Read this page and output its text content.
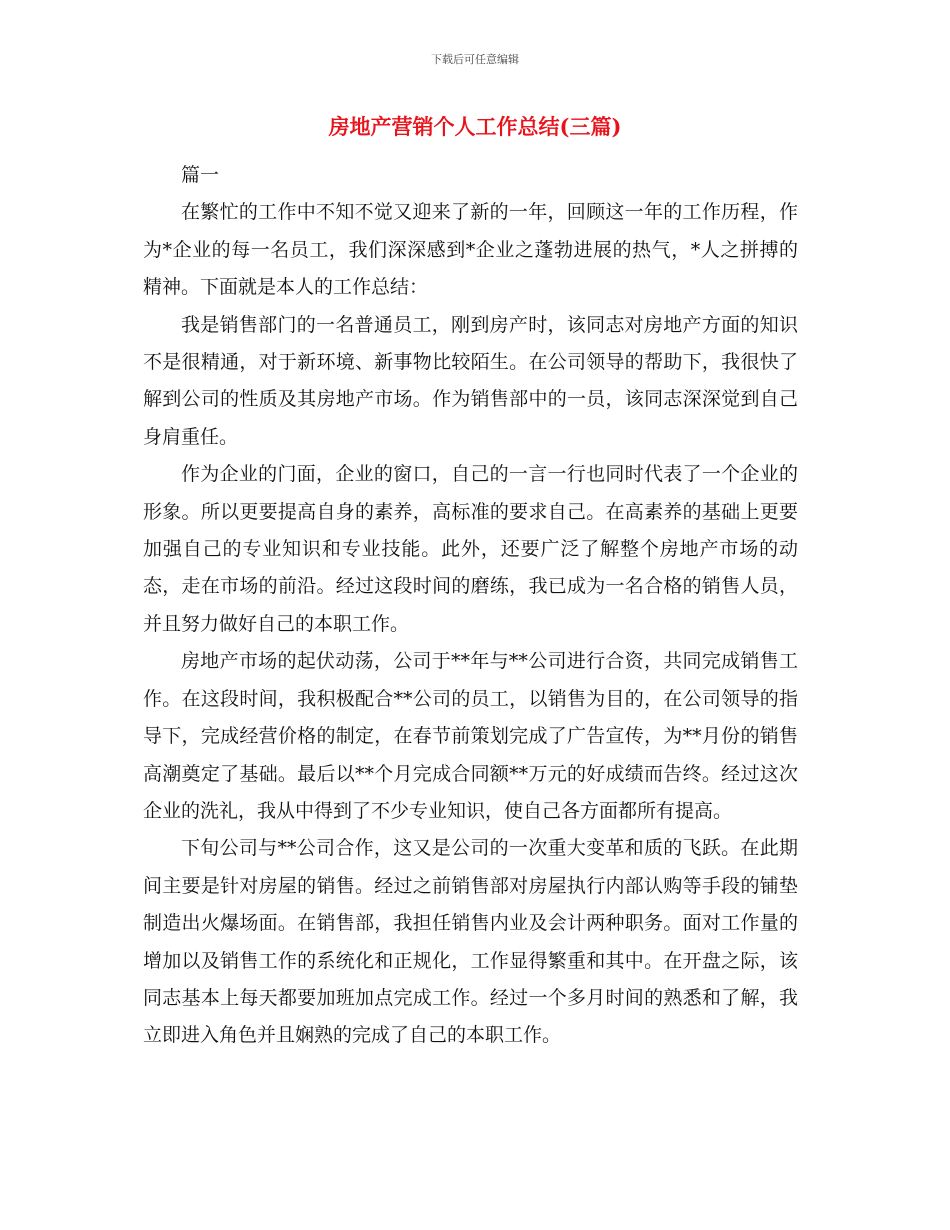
下载后可任意编辑
房地产营销个人工作总结(三篇)

篇一

在繁忙的工作中不知不觉又迎来了新的一年，回顾这一年的工作历程，作为*企业的每一名员工，我们深深感到*企业之蓬勃进展的热气，*人之拼搏的精神。下面就是本人的工作总结：

我是销售部门的一名普通员工，刚到房产时，该同志对房地产方面的知识不是很精通，对于新环境、新事物比较陌生。在公司领导的帮助下，我很快了解到公司的性质及其房地产市场。作为销售部中的一员，该同志深深觉到自己身肩重任。

作为企业的门面，企业的窗口，自己的一言一行也同时代表了一个企业的形象。所以更要提高自身的素养，高标准的要求自己。在高素养的基础上更要加强自己的专业知识和专业技能。此外，还要广泛了解整个房地产市场的动态，走在市场的前沿。经过这段时间的磨练，我已成为一名合格的销售人员，并且努力做好自己的本职工作。

房地产市场的起伏动荡，公司于**年与**公司进行合资，共同完成销售工作。在这段时间，我积极配合**公司的员工，以销售为目的，在公司领导的指导下，完成经营价格的制定，在春节前策划完成了广告宣传，为**月份的销售高潮奠定了基础。最后以**个月完成合同额**万元的好成绩而告终。经过这次企业的洗礼，我从中得到了不少专业知识，使自己各方面都所有提高。

下旬公司与**公司合作，这又是公司的一次重大变革和质的飞跃。在此期间主要是针对房屋的销售。经过之前销售部对房屋执行内部认购等手段的铺垫制造出火爆场面。在销售部，我担任销售内业及会计两种职务。面对工作量的增加以及销售工作的系统化和正规化，工作显得繁重和其中。在开盘之际，该同志基本上每天都要加班加点完成工作。经过一个多月时间的熟悉和了解，我立即进入角色并且娴熟的完成了自己的本职工作。
